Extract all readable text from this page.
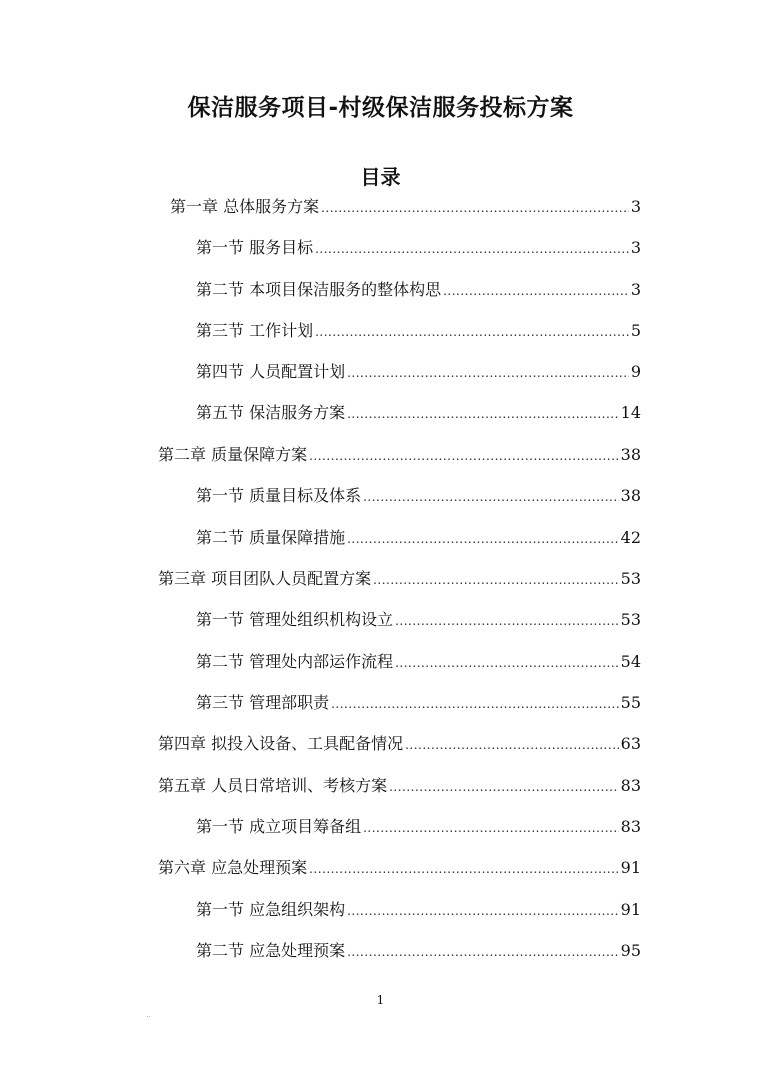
保洁服务项目-村级保洁服务投标方案
目录
第一章 总体服务方案 .....	3
第一节 服务目标 .....	3
第二节 本项目保洁服务的整体构思 .....	3
第三节 工作计划 .....	5
第四节 人员配置计划 .....	9
第五节 保洁服务方案 .....	14
第二章 质量保障方案 .....	38
第一节 质量目标及体系 .....	38
第二节 质量保障措施 .....	42
第三章 项目团队人员配置方案 .....	53
第一节 管理处组织机构设立 .....	53
第二节 管理处内部运作流程 .....	54
第三节 管理部职责 .....	55
第四章 拟投入设备、工具配备情况 .....	63
第五章 人员日常培训、考核方案 .....	83
第一节 成立项目筹备组 .....	83
第六章 应急处理预案 .....	91
第一节 应急组织架构 .....	91
第二节 应急处理预案 .....	95
1
..
